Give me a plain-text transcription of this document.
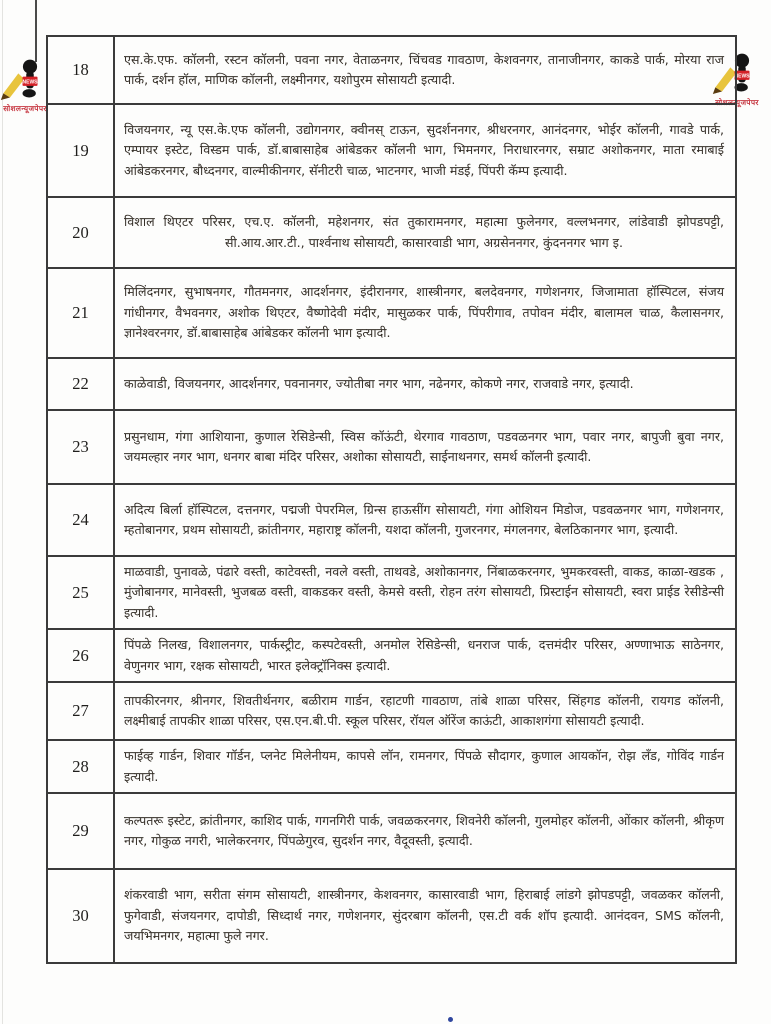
NEWS
सोशलन्यूजपेपर
NEWS
सोशलन्यूजपेपर
18
एस.के.एफ. कॉलनी, रस्टन कॉलनी, पवना नगर, वेताळनगर, चिंचवड गावठाण, केशवनगर, तानाजीनगर, काकडे पार्क, मोरया राज पार्क, दर्शन हॉल, माणिक कॉलनी, लक्ष्मीनगर, यशोपुरम सोसायटी इत्यादी.
19
विजयनगर, न्यू एस.के.एफ कॉलनी, उद्योगनगर, क्वीनस् टाऊन, सुदर्शननगर, श्रीधरनगर, आनंदनगर, भोईर कॉलनी, गावडे पार्क, एम्पायर इस्टेट, विस्डम पार्क, डॉ.बाबासाहेब आंबेडकर कॉलनी भाग, भिमनगर, निराधारनगर, सम्राट अशोकनगर, माता रमाबाई आंबेडकरनगर, बौध्दनगर, वाल्मीकीनगर, सॅनीटरी चाळ, भाटनगर, भाजी मंडई, पिंपरी कॅम्प इत्यादी.
20
विशाल थिएटर परिसर, एच.ए. कॉलनी, महेशनगर, संत तुकारामनगर, महात्मा फुलेनगर, वल्लभनगर, लांडेवाडी झोपडपट्टी, सी.आय.आर.टी., पार्श्वनाथ सोसायटी, कासारवाडी भाग, अग्रसेननगर, कुंदननगर भाग इ.
21
मिलिंदनगर, सुभाषनगर, गौतमनगर, आदर्शनगर, इंदीरानगर, शास्त्रीनगर, बलदेवनगर, गणेशनगर, जिजामाता हॉस्पिटल, संजय गांधीनगर, वैभवनगर, अशोक थिएटर, वैष्णोदेवी मंदीर, मासुळकर पार्क, पिंपरीगाव, तपोवन मंदीर, बालामल चाळ, कैलासनगर, ज्ञानेश्वरनगर, डॉ.बाबासाहेब आंबेडकर कॉलनी भाग इत्यादी.
22	काळेवाडी, विजयनगर, आदर्शनगर, पवनानगर, ज्योतीबा नगर भाग, नढेनगर, कोकणे नगर, राजवाडे नगर, इत्यादी.
23
प्रसुनधाम, गंगा आशियाना, कुणाल रेसिडेन्सी, स्विस कॉऊंटी, थेरगाव गावठाण, पडवळनगर भाग, पवार नगर, बापुजी बुवा नगर, जयमल्हार नगर भाग, धनगर बाबा मंदिर परिसर, अशोका सोसायटी, साईनाथनगर, समर्थ कॉलनी इत्यादी.
24
अदित्य बिर्ला हॉस्पिटल, दत्तनगर, पद्मजी पेपरमिल, ग्रिन्स हाऊसींग सोसायटी, गंगा ओशियन मिडोज, पडवळनगर भाग, गणेशनगर, म्हतोबानगर, प्रथम सोसायटी, क्रांतीनगर, महाराष्ट्र कॉलनी, यशदा कॉलनी, गुजरनगर, मंगलनगर, बेलठिकानगर भाग, इत्यादी.
25
माळवाडी, पुनावळे, पंढारे वस्ती, काटेवस्ती, नवले वस्ती, ताथवडे, अशोकानगर, निंबाळकरनगर, भुमकरवस्ती, वाकड, काळा-खडक , मुंजोबानगर, मानेवस्ती, भुजबळ वस्ती, वाकडकर वस्ती, केमसे वस्ती, रोहन तरंग सोसायटी, प्रिस्टाईन सोसायटी, स्वरा प्राईड रेसीडेन्सी इत्यादी.
26
पिंपळे निलख, विशालनगर, पार्कस्ट्रीट, कस्पटेवस्ती, अनमोल रेसिडेन्सी, धनराज पार्क, दत्तमंदीर परिसर, अण्णाभाऊ साठेनगर, वेणुनगर भाग, रक्षक सोसायटी, भारत इलेक्ट्रॉनिक्स इत्यादी.
27
तापकीरनगर, श्रीनगर, शिवतीर्थनगर, बळीराम गार्डन, रहाटणी गावठाण, तांबे शाळा परिसर, सिंहगड कॉलनी, रायगड कॉलनी, लक्ष्मीबाई तापकीर शाळा परिसर, एस.एन.बी.पी. स्कूल परिसर, रॉयल ऑरेंज काऊंटी, आकाशगंगा सोसायटी इत्यादी.
28
फाईव्ह गार्डन, शिवार गॉर्डन, प्लनेट मिलेनीयम, कापसे लॉन, रामनगर, पिंपळे सौदागर, कुणाल आयकॉन, रोझ लँड, गोविंद गार्डन इत्यादी.
29
कल्पतरू इस्टेट, क्रांतीनगर, काशिद पार्क, गगनगिरी पार्क, जवळकरनगर, शिवनेरी कॉलनी, गुलमोहर कॉलनी, ओंकार कॉलनी, श्रीकृण नगर, गोकुळ नगरी, भालेकरनगर, पिंपळेगुरव, सुदर्शन नगर, वैदूवस्ती, इत्यादी.
30
शंकरवाडी भाग, सरीता संगम सोसायटी, शास्त्रीनगर, केशवनगर, कासारवाडी भाग, हिराबाई लांडगे झोपडपट्टी, जवळकर कॉलनी, फुगेवाडी, संजयनगर, दापोडी, सिध्दार्थ नगर, गणेशनगर, सुंदरबाग कॉलनी, एस.टी वर्क शॉप इत्यादी. आनंदवन, SMS कॉलनी, जयभिमनगर, महात्मा फुले नगर.
